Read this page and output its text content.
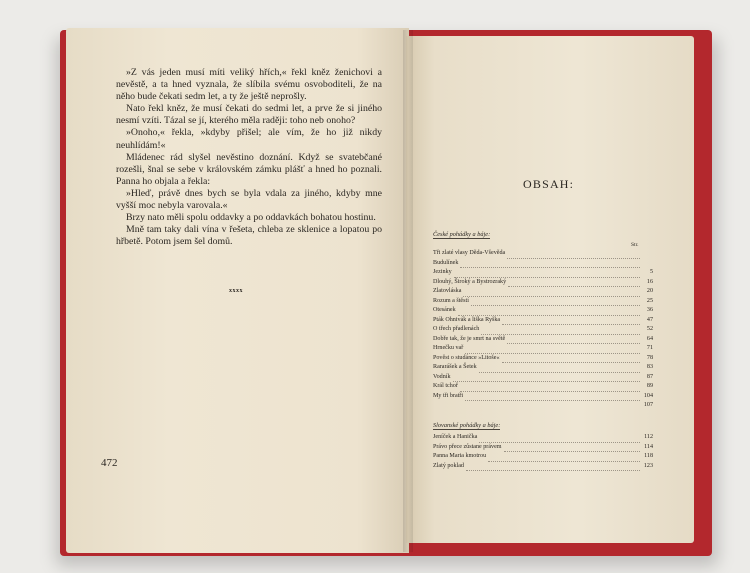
»Z vás jeden musí míti veliký hřích,« řekl kněz ženichovi a nevěstě, a ta hned vyznala, že slíbila svému osvoboditeli, že na něho bude čekati sedm let, a ty že ještě neprošly.

Nato řekl kněz, že musí čekati do sedmi let, a prve že si jiného nesmí vzíti. Tázal se jí, kterého měla raději: toho neb onoho?

»Onoho,« řekla, »kdyby přišel; ale vím, že ho již nikdy neuhlídám!«

Mládenec rád slyšel nevěstino doznání. Když se svatebčané rozešli, šnal se sebe v královském zámku plášť a hned ho poznali. Panna ho objala a řekla:

»Hleď, právě dnes bych se byla vdala za jiného, kdyby mne vyšší moc nebyla varovala.«

Brzy nato měli spolu oddavky a po oddavkách bohatou hostinu.

Mně tam taky dali vína v řešeta, chleba ze sklenice a lopatou po hřbetě. Potom jsem šel domů.

xxxx
472
OBSAH:
České pohádky a báje:
Str.
Tři zlaté vlasy Děda-Vševěda
Budulínek
Jezinky	5
Dlouhý, Široký a Bystrozraký	16
Zlatovláska	20
Rozum a štěstí	25
Otesánek	36
Pták Ohnivák a liška Ryška	47
O třech přadlenách	52
Dobře tak, že je smrt na světě	64
Hrnečku vař	71
Pověst o studánce »Litoše«	78
Rararášek a Šetek	83
Vodník	87
Král tchoř	89
My tři bratři	104
107
Slovanské pohádky a báje:
Jeníček a Hanička	112
Právo přece zůstane právem	114
Panna Maria kmotrou	118
Zlatý poklad	123
